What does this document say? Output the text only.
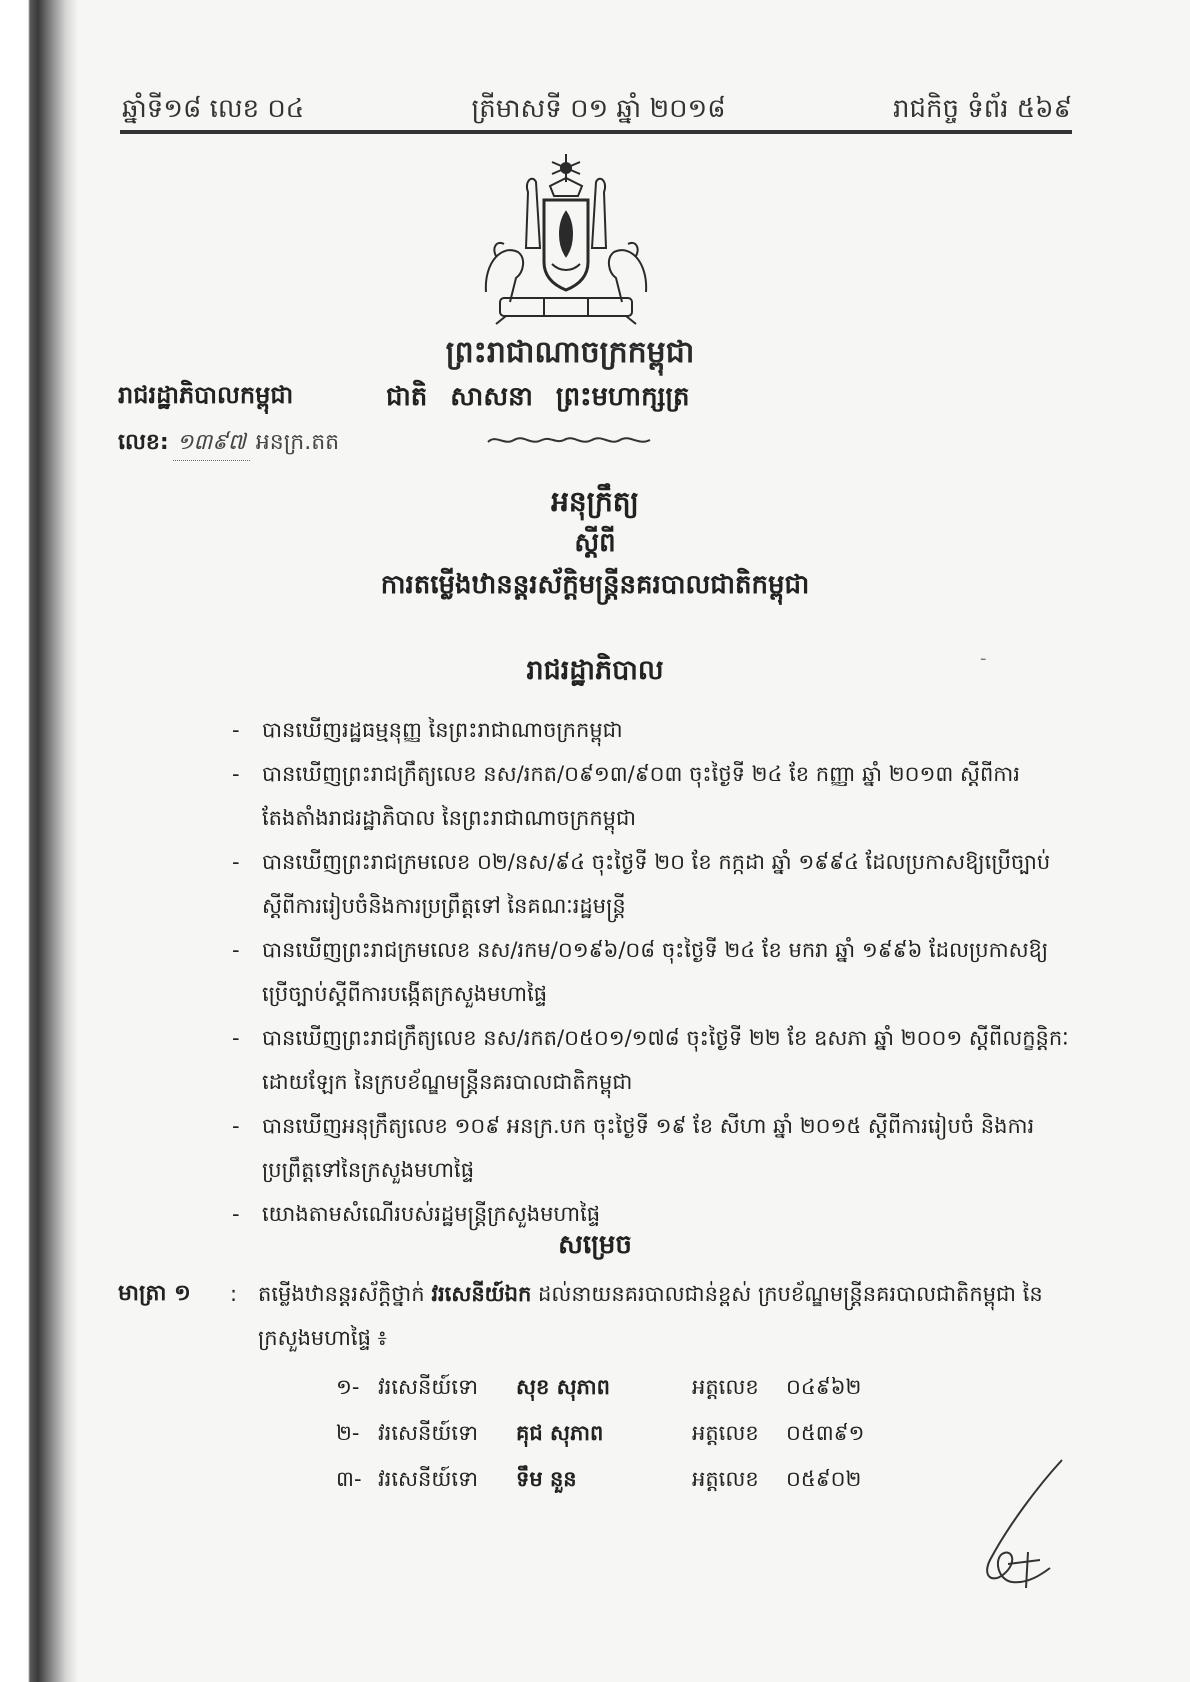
ឆ្នាំទី១៨ លេខ ០៤	ត្រីមាសទី ០១ ឆ្នាំ ២០១៨	រាជកិច្ច ទំព័រ ៥៦៩
ព្រះរាជាណាចក្រកម្ពុជា
រាជរដ្ឋាភិបាលកម្ពុជា	ជាតិ សាសនា ព្រះមហាក្សត្រ
លេខ: ១៣៩៧ អនក្រ.តត
អនុក្រឹត្យ
ស្តីពី
ការតម្លើងឋានន្តរស័ក្តិមន្ត្រីនគរបាលជាតិកម្ពុជា
រាជរដ្ឋាភិបាល	-
- បានឃើញរដ្ឋធម្មនុញ្ញ នៃព្រះរាជាណាចក្រកម្ពុជា
- បានឃើញព្រះរាជក្រឹត្យលេខ នស/រកត/០៩១៣/៩០៣ ចុះថ្ងៃទី ២៤ ខែ កញ្ញា ឆ្នាំ ២០១៣ ស្តីពីការតែងតាំងរាជរដ្ឋាភិបាល នៃព្រះរាជាណាចក្រកម្ពុជា
- បានឃើញព្រះរាជក្រមលេខ ០២/នស/៩៤ ចុះថ្ងៃទី ២០ ខែ កក្កដា ឆ្នាំ ១៩៩៤ ដែលប្រកាសឱ្យប្រើច្បាប់ស្តីពីការរៀបចំនិងការប្រព្រឹត្តទៅ នៃគណៈរដ្ឋមន្ត្រី
- បានឃើញព្រះរាជក្រមលេខ នស/រកម/០១៩៦/០៨ ចុះថ្ងៃទី ២៤ ខែ មករា ឆ្នាំ ១៩៩៦ ដែលប្រកាសឱ្យប្រើច្បាប់ស្តីពីការបង្កើតក្រសួងមហាផ្ទៃ
- បានឃើញព្រះរាជក្រឹត្យលេខ នស/រកត/០៥០១/១៧៨ ចុះថ្ងៃទី ២២ ខែ ឧសភា ឆ្នាំ ២០០១ ស្តីពីលក្ខន្តិកៈដោយឡែក នៃក្របខ័ណ្ឌមន្ត្រីនគរបាលជាតិកម្ពុជា
- បានឃើញអនុក្រឹត្យលេខ ១០៩ អនក្រ.បក ចុះថ្ងៃទី ១៩ ខែ សីហា ឆ្នាំ ២០១៥ ស្តីពីការរៀបចំ និងការប្រព្រឹត្តទៅនៃក្រសួងមហាផ្ទៃ
- យោងតាមសំណើរបស់រដ្ឋមន្ត្រីក្រសួងមហាផ្ទៃ
សម្រេច
មាត្រា ១ : តម្លើងឋានន្តរស័ក្តិថ្នាក់ វរសេនីយ៍ឯក ដល់នាយនគរបាលជាន់ខ្ពស់ ក្របខ័ណ្ឌមន្ត្រីនគរបាលជាតិកម្ពុជា នៃក្រសួងមហាផ្ទៃ ៖
១- វរសេនីយ៍ទោ	សុខ សុភាព	អត្តលេខ	០៤៩៦២
២- វរសេនីយ៍ទោ	គុជ សុភាព	អត្តលេខ	០៥៣៩១
៣- វរសេនីយ៍ទោ	ទឹម នួន	អត្តលេខ	០៥៩០២
